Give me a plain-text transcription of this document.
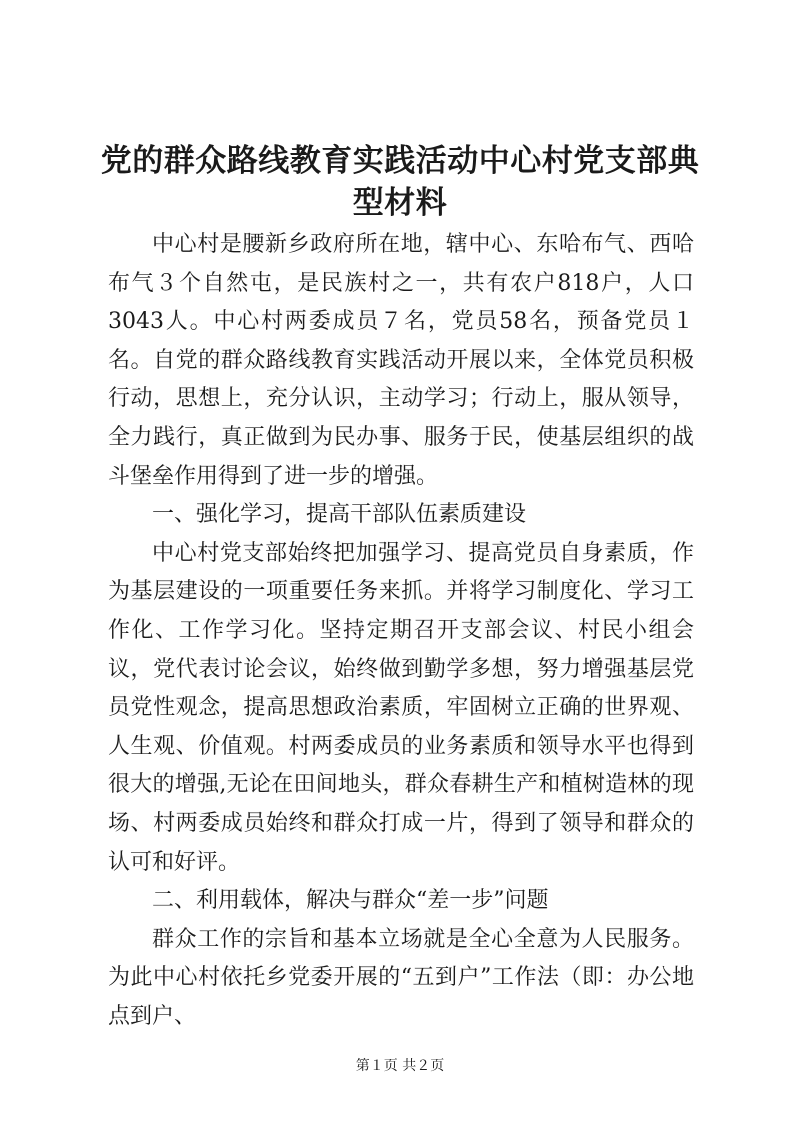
党的群众路线教育实践活动中心村党支部典型材料

中心村是腰新乡政府所在地，辖中心、东哈布气、西哈布气３个自然屯，是民族村之一，共有农户818户，人口3043人。中心村两委成员７名，党员58名，预备党员１名。自党的群众路线教育实践活动开展以来，全体党员积极行动，思想上，充分认识，主动学习；行动上，服从领导，全力践行，真正做到为民办事、服务于民，使基层组织的战斗堡垒作用得到了进一步的增强。

一、强化学习，提高干部队伍素质建设

中心村党支部始终把加强学习、提高党员自身素质，作为基层建设的一项重要任务来抓。并将学习制度化、学习工作化、工作学习化。坚持定期召开支部会议、村民小组会议，党代表讨论会议，始终做到勤学多想，努力增强基层党员党性观念，提高思想政治素质，牢固树立正确的世界观、人生观、价值观。村两委成员的业务素质和领导水平也得到很大的增强,无论在田间地头，群众春耕生产和植树造林的现场、村两委成员始终和群众打成一片，得到了领导和群众的认可和好评。

二、利用载体，解决与群众“差一步”问题

群众工作的宗旨和基本立场就是全心全意为人民服务。为此中心村依托乡党委开展的“五到户”工作法（即：办公地点到户、

第１页 共２页
